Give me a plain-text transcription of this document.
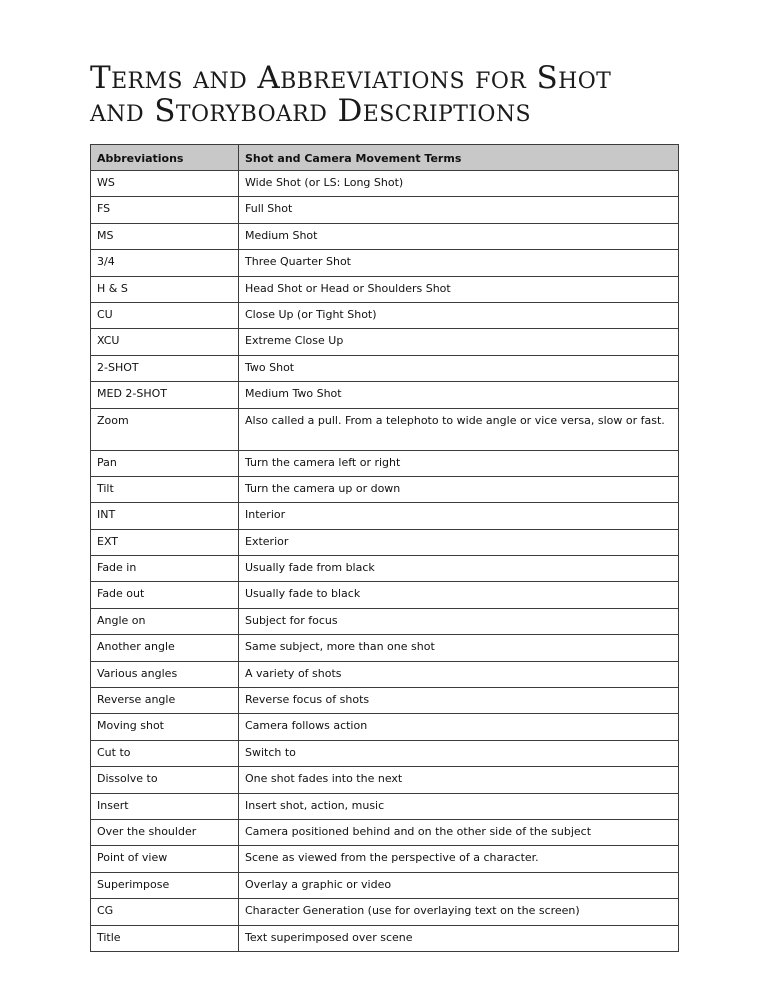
Terms and Abbreviations for Shot
and Storyboard Descriptions
Abbreviations	Shot and Camera Movement Terms
WS	Wide Shot (or LS: Long Shot)
FS	Full Shot
MS	Medium Shot
3/4	Three Quarter Shot
H & S	Head Shot or Head or Shoulders Shot
CU	Close Up (or Tight Shot)
XCU	Extreme Close Up
2-SHOT	Two Shot
MED 2-SHOT	Medium Two Shot
Zoom	Also called a pull. From a telephoto to wide angle or vice versa, slow or fast.
Pan	Turn the camera left or right
Tilt	Turn the camera up or down
INT	Interior
EXT	Exterior
Fade in	Usually fade from black
Fade out	Usually fade to black
Angle on	Subject for focus
Another angle	Same subject, more than one shot
Various angles	A variety of shots
Reverse angle	Reverse focus of shots
Moving shot	Camera follows action
Cut to	Switch to
Dissolve to	One shot fades into the next
Insert	Insert shot, action, music
Over the shoulder	Camera positioned behind and on the other side of the subject
Point of view	Scene as viewed from the perspective of a character.
Superimpose	Overlay a graphic or video
CG	Character Generation (use for overlaying text on the screen)
Title	Text superimposed over scene
